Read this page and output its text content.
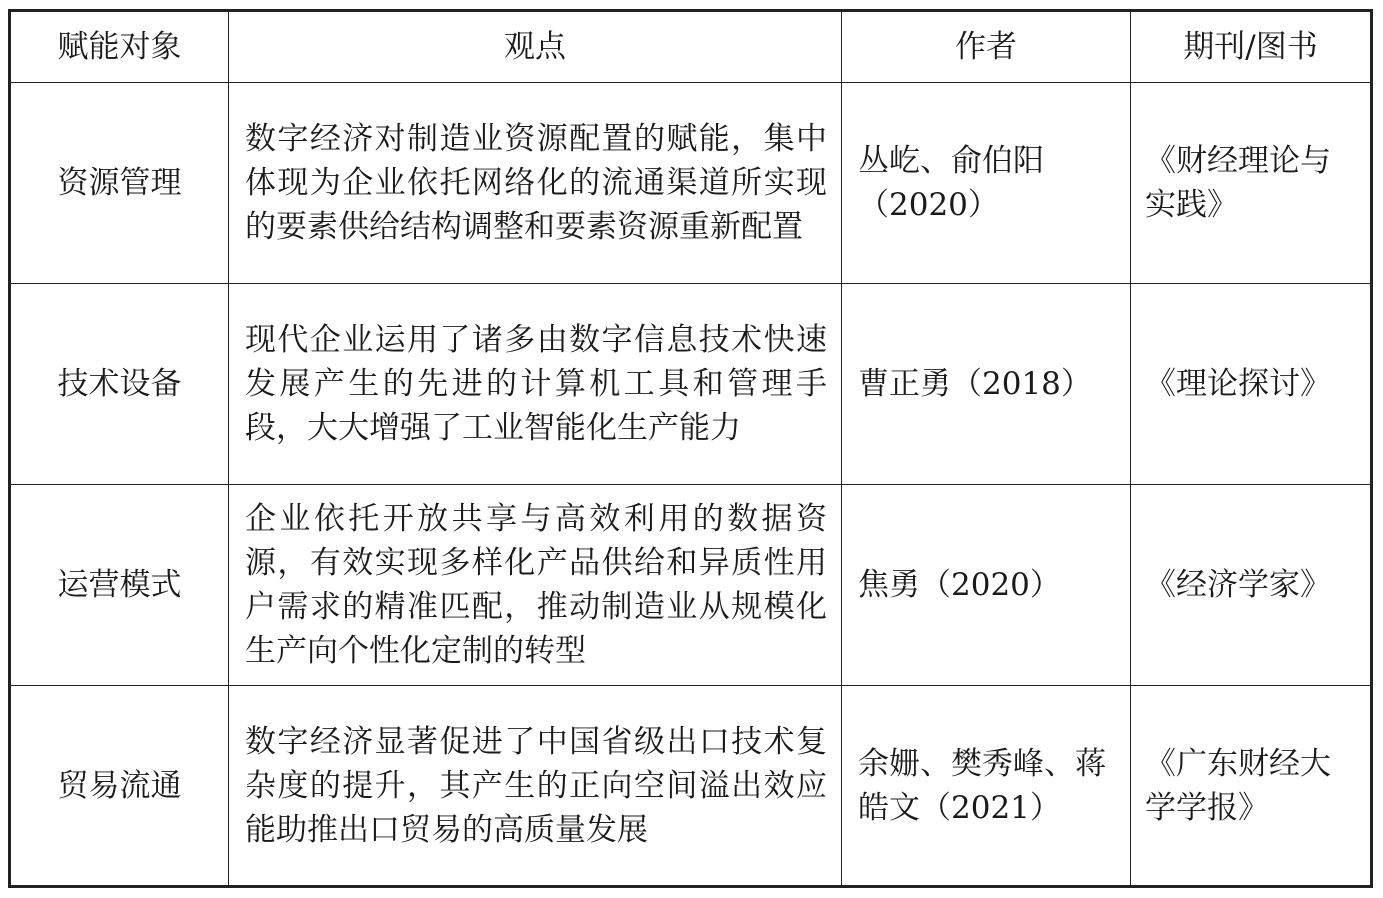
赋能对象	观点	作者	期刊/图书
资源管理	数字经济对制造业资源配置的赋能，集中体现为企业依托网络化的流通渠道所实现的要素供给结构调整和要素资源重新配置	丛屹、俞伯阳（2020）	《财经理论与实践》
技术设备	现代企业运用了诸多由数字信息技术快速发展产生的先进的计算机工具和管理手段，大大增强了工业智能化生产能力	曹正勇（2018）	《理论探讨》
运营模式	企业依托开放共享与高效利用的数据资源，有效实现多样化产品供给和异质性用户需求的精准匹配，推动制造业从规模化生产向个性化定制的转型	焦勇（2020）	《经济学家》
贸易流通	数字经济显著促进了中国省级出口技术复杂度的提升，其产生的正向空间溢出效应能助推出口贸易的高质量发展	余姗、樊秀峰、蒋皓文（2021）	《广东财经大学学报》
